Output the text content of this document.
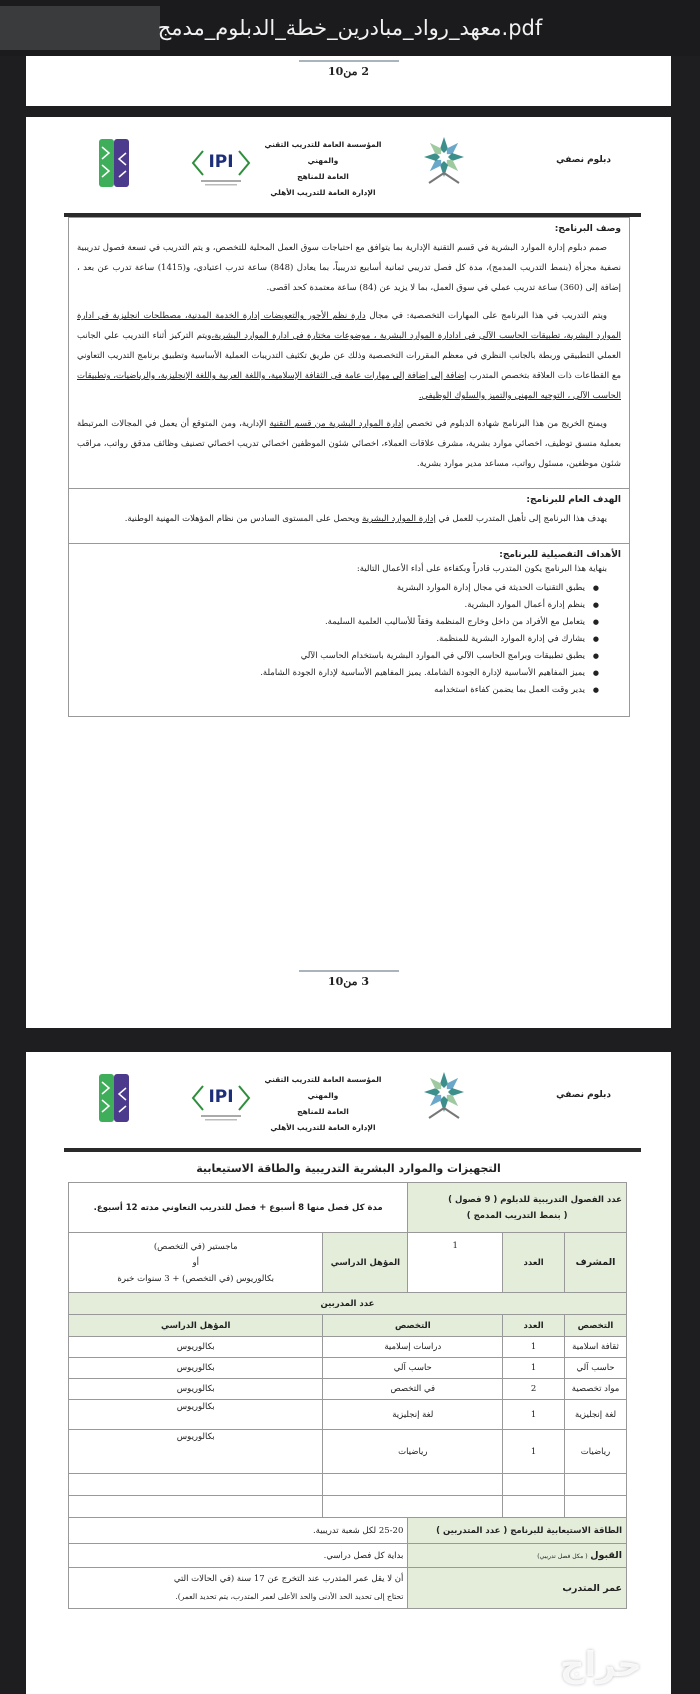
معهد_رواد_مبادرين_خطة_الدبلوم_مدمج.pdf
2 من10
دبلوم نصفي
المؤسسة العامة للتدريب التقني والمهني
العامة للمناهج
الإدارة العامة للتدريب الأهلي
IPI
وصف البرنامج:

صمم دبلوم إدارة الموارد البشرية في قسم التقنية الإدارية بما يتوافق مع احتياجات سوق العمل المحلية للتخصص، و يتم التدريب في تسعة فصول تدريبية نصفية مجزأة (بنمط التدريب المدمج)، مدة كل فصل تدريبي ثمانية أسابيع تدريبياً، بما يعادل (848) ساعة تدرب اعتيادي، و(1415) ساعة تدرب عن بعد ، إضافة إلى (360) ساعة تدريب عملي في سوق العمل، بما لا يزيد عن (84) ساعة معتمدة كحد اقصى.

ويتم التدريب في هذا البرنامج على المهارات التخصصية: في مجال دارة نظم الأجور والتعويضات إدارة الخدمة المدنية، مصطلحات انجليزية في ادارة الموارد البشرية، تطبيقات الحاسب الآلي في ادادارة الموارد البشرية ، موضوعات مختارة في ادارة الموارد البشرية،ويتم التركيز أثناء التدريب علي الجانب العملي التطبيقي وربطة بالجانب النظري في معظم المقررات التخصصية وذلك عن طريق تكثيف التدريبات العملية الأساسية وتطبيق برنامج التدريب التعاوني مع القطاعات ذات العلاقة بتخصص المتدرب إضافة إلى إضافة إلى مهارات عامة في الثقافة الإسلامية، واللغة العربية واللغة الإنجليزية، والرياضيات، وتطبيقات الحاسب الآلي ، التوجيه المهني والتميز والسلوك الوظيفي.

ويمنح الخريج من هذا البرنامج شهادة الدبلوم في تخصص إدارة الموارد البشرية من قسم التقنية الإدارية، ومن المتوقع أن يعمل في المجالات المرتبطة بعملية منسق توظيف، اخصائي موارد بشرية، مشرف علاقات العملاء، اخصائي شئون الموظفين اخصائي تدريب اخصائي تصنيف وظائف مدقق رواتب، مراقب شئون موظفين، مسئول رواتب، مساعد مدير موارد بشرية.

الهدف العام للبرنامج:

يهدف هذا البرنامج إلى تأهيل المتدرب للعمل في إدارة الموارد البشرية ويحصل على المستوى السادس من نظام المؤهلات المهنية الوطنية.

الأهداف التفصيلية للبرنامج:
بنهاية هذا البرنامج يكون المتدرب قادراً وبكفاءة على أداء الأعمال التالية:
● يطبق التقنيات الحديثة في مجال إدارة الموارد البشرية
● ينظم إدارة أعمال الموارد البشرية.
● يتعامل مع الأفراد من داخل وخارج المنظمة وفقاً للأساليب العلمية السليمة.
● يشارك في إدارة الموارد البشرية للمنظمة.
● يطبق تطبيقات وبرامج الحاسب الآلي في الموارد البشرية باستخدام الحاسب الآلي
● يميز المفاهيم الأساسية لإدارة الجودة الشاملة. يميز المفاهيم الأساسية لإدارة الجودة الشاملة.
● يدير وقت العمل بما يضمن كفاءة استخدامه
3 من10
دبلوم نصفي
المؤسسة العامة للتدريب التقني والمهني
العامة للمناهج
الإدارة العامة للتدريب الأهلي
IPI
التجهيزات والموارد البشرية التدريبية والطاقة الاستيعابية
عدد الفصول التدريبية للدبلوم ( 9 فصول )
( بنمط التدريب المدمج )			مدة كل فصل منها 8 أسبوع + فصل للتدريب التعاوني مدته 12 أسبوع.	
المشرف	العدد	1	المؤهل الدراسي	ماجستير (في التخصص)
أو
بكالوريوس (في التخصص) + 3 سنوات خبرة

عدد المدربين				
التخصص	العدد	التخصص		المؤهل الدراسي
ثقافة اسلامية	1	دراسات إسلامية		بكالوريوس
حاسب آلي	1	حاسب آلي		بكالوريوس
مواد تخصصية	2	في التخصص		بكالوريوس
لغة إنجليزية	1	لغة إنجليزية		بكالوريوس
رياضيات	1	رياضيات		بكالوريوس

الطاقة الاستيعابية للبرنامج ( عدد المتدربين )			25-20 لكل شعبة تدريبية.	
القبول ( مكل فصل تدريبي)			بداية كل فصل دراسي.	
عمر المتدرب			أن لا يقل عمر المتدرب عند التخرج عن 17 سنة (في الحالات التي
تحتاج إلى تحديد الحد الأدنى والحد الأعلى لعمر المتدرب، يتم تحديد العمر).	
حراج
